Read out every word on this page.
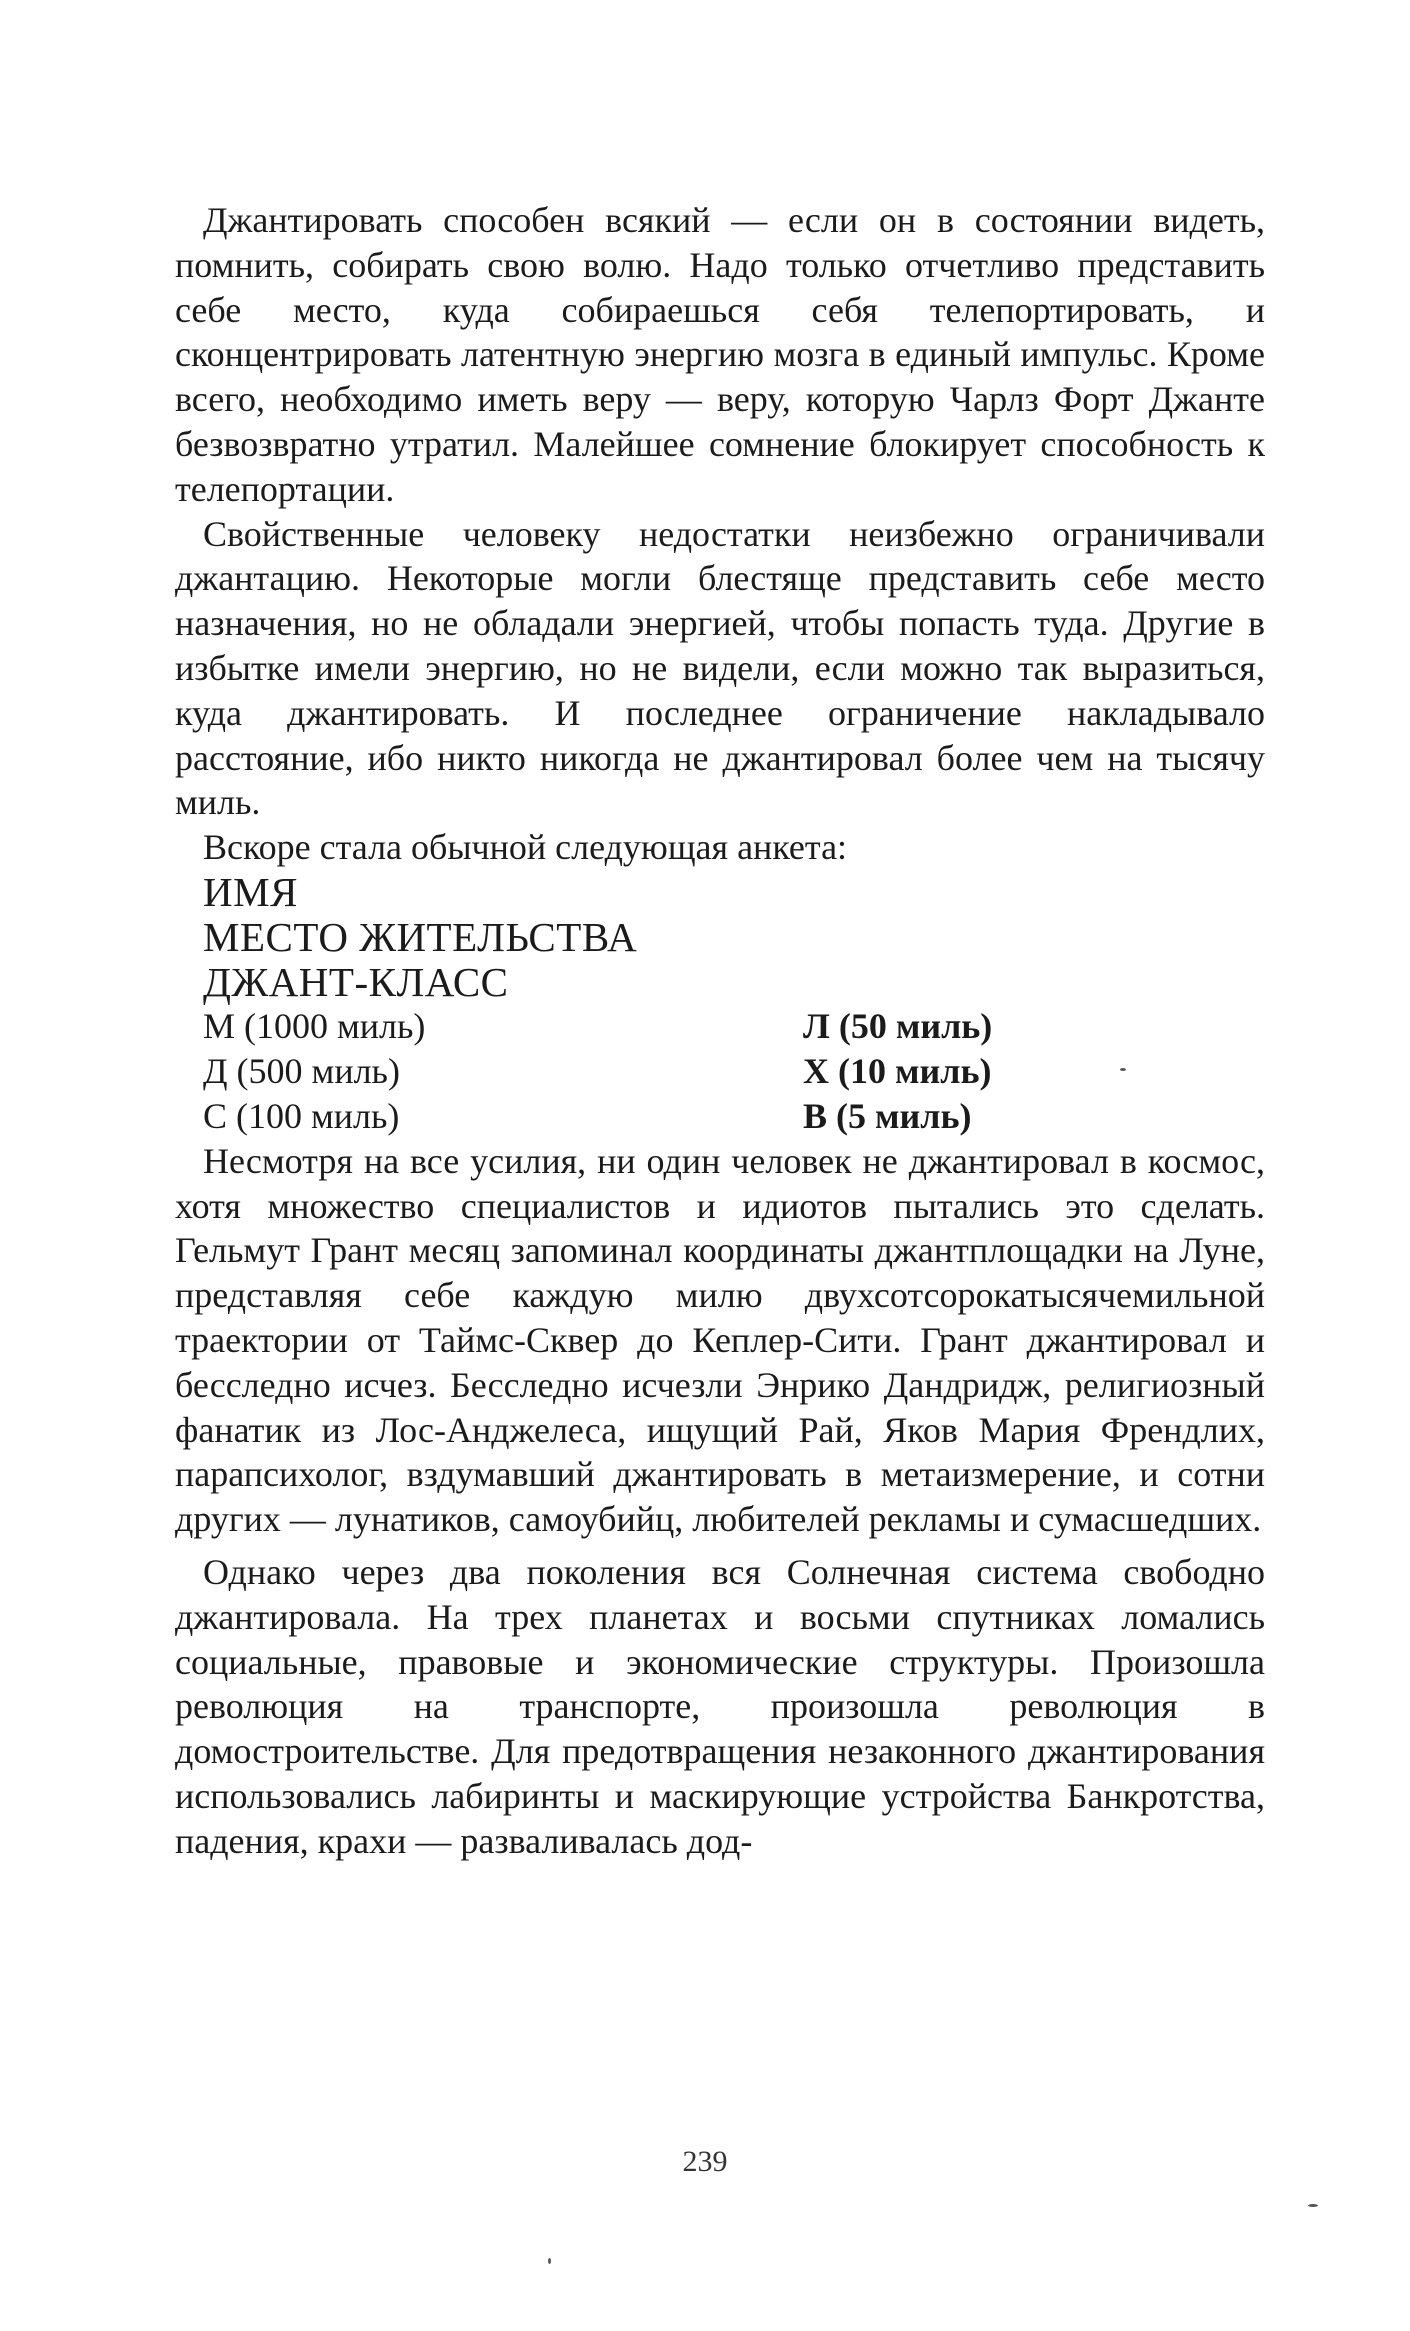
Джантировать способен всякий — если он в состоянии видеть, помнить, собирать свою волю. Надо только отчетливо представить себе место, куда собираешься себя телепортировать, и сконцентрировать латентную энергию мозга в единый импульс. Кроме всего, необходимо иметь веру — веру, которую Чарлз Форт Джанте безвозвратно утратил. Малейшее сомнение блокирует способность к телепортации.

Свойственные человеку недостатки неизбежно ограничивали джантацию. Некоторые могли блестяще представить себе место назначения, но не обладали энергией, чтобы попасть туда. Другие в избытке имели энергию, но не видели, если можно так выразиться, куда джантировать. И последнее ограничение накладывало расстояние, ибо никто никогда не джантировал более чем на тысячу миль.

Вскоре стала обычной следующая анкета:

ИМЯ

МЕСТО ЖИТЕЛЬСТВА

ДЖАНТ-КЛАСС

М (1000 миль)	Л (50 миль)
Д (500 миль)	Х (10 миль)
С (100 миль)	В (5 миль)

Несмотря на все усилия, ни один человек не джантировал в космос, хотя множество специалистов и идиотов пытались это сделать. Гельмут Грант месяц запоминал координаты джантплощадки на Луне, представляя себе каждую милю двухсотсорокатысячемильной траектории от Таймс-Сквер до Кеплер-Сити. Грант джантировал и бесследно исчез. Бесследно исчезли Энрико Дандридж, религиозный фанатик из Лос-Анджелеса, ищущий Рай, Яков Мария Френдлих, парапсихолог, вздумавший джантировать в метаизмерение, и сотни других — лунатиков, самоубийц, любителей рекламы и сумасшедших.

Однако через два поколения вся Солнечная система свободно джантировала. На трех планетах и восьми спутниках ломались социальные, правовые и экономические структуры. Произошла революция на транспорте, произошла революция в домостроительстве. Для предотвращения незаконного джантирования использовались лабиринты и маскирующие устройства Банкротства, падения, крахи — разваливалась дод-

239
